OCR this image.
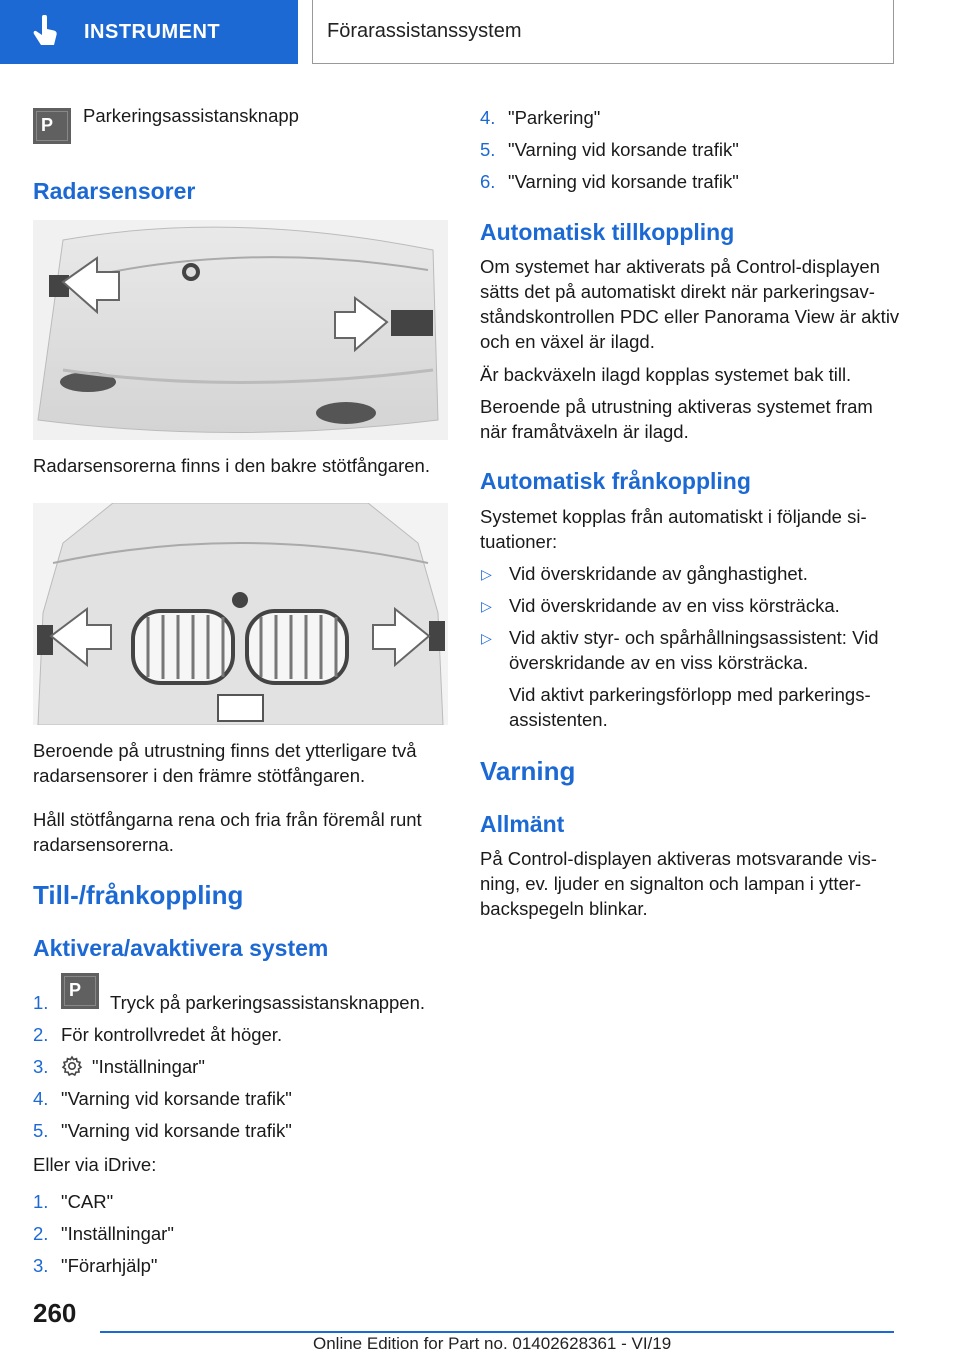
INSTRUMENT	Förarassistanssystem
P Parkeringsassistansknapp
Radarsensorer

Radarsensorerna finns i den bakre stötfångaren.

Beroende på utrustning finns det ytterligare två radarsensorer i den främre stötfångaren.

Håll stötfångarna rena och fria från föremål runt radarsensorerna.

Till-/frånkoppling
Aktivera/avaktivera system
1.
P
Tryck på parkeringsassistansknappen.
2. För kontrollvredet åt höger.
3.	"Inställningar"
4. "Varning vid korsande trafik"
5. "Varning vid korsande trafik"
Eller via iDrive:
1. "CAR"
2. "Inställningar"
3. "Förarhjälp"
4. "Parkering"
5. "Varning vid korsande trafik"
6. "Varning vid korsande trafik"
Automatisk tillkoppling

Om systemet har aktiverats på Control-displayen sätts det på automatiskt direkt när parkeringsavståndskontrollen PDC eller Panorama View är aktiv och en växel är ilagd.

Är backväxeln ilagd kopplas systemet bak till.

Beroende på utrustning aktiveras systemet fram när framåtväxeln är ilagd.

Automatisk frånkoppling

Systemet kopplas från automatiskt i följande situationer:

▷ Vid överskridande av gånghastighet.
▷ Vid överskridande av en viss körsträcka.
▷ Vid aktiv styr- och spårhållningsassistent: Vid överskridande av en viss körsträcka.

Vid aktivt parkeringsförlopp med parkeringsassistenten.

Varning
Allmänt

På Control-displayen aktiveras motsvarande visning, ev. ljuder en signalton och lampan i ytterbackspegeln blinkar.

260
Online Edition for Part no. 01402628361 - VI/19
